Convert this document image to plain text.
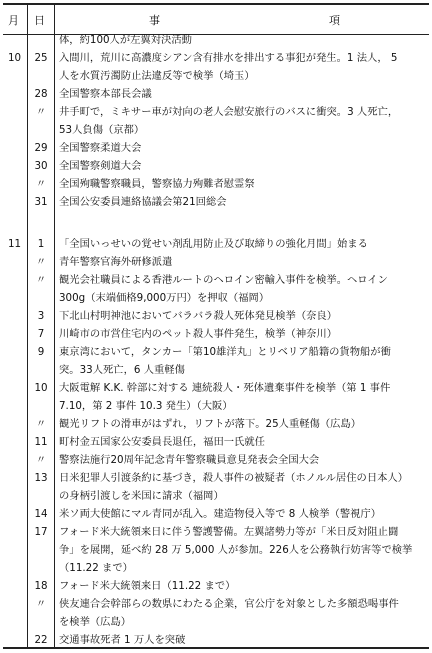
月 日	事	項
体，約100人が左翼対決活動
10	25	入間川，荒川に高濃度シアン含有排水を排出する事犯が発生。1 法人， 5
人を水質汚濁防止法違反等で検挙（埼玉）
28	全国警察本部長会議
〃	井手町で，ミキサー車が対向の老人会慰安旅行のバスに衝突。3 人死亡，
53人負傷（京都）
29	全国警察柔道大会
30	全国警察剣道大会
〃	全国殉職警察職員，警察協力殉難者慰霊祭
31	全国公安委員連絡協議会第21回総会
11	1	「全国いっせいの覚せい剤乱用防止及び取締りの強化月間」始まる
〃	青年警察官海外研修派遣
〃	観光会社職員による香港ルートのヘロイン密輸入事件を検挙。ヘロイン
300g（末端価格9,000万円）を押収（福岡）
3	下北山村明神池においてバラバラ殺人死体発見検挙（奈良）
7	川崎市の市営住宅内のペット殺人事件発生，検挙（神奈川）
9	東京湾において，タンカー「第10雄洋丸」とリベリア船籍の貨物船が衝
突。33人死亡，6 人重軽傷
10	大阪電解 K.K. 幹部に対する 連続殺人・死体遺棄事件を検挙（第 1 事件
7.10，第 2 事件 10.3 発生）（大阪）
〃	観光リフトの滑車がはずれ，リフトが落下。25人重軽傷（広島）
11	町村金五国家公安委員長退任，福田一氏就任
〃	警察法施行20周年記念青年警察職員意見発表会全国大会
13	日米犯罪人引渡条約に基づき，殺人事件の被疑者（ホノルル居住の日本人）
の身柄引渡しを米国に請求（福岡）
14	米ソ両大使館にマル青同が乱入。建造物侵入等で 8 人検挙（警視庁）
17	フォード米大統領来日に伴う警護警備。左翼諸勢力等が「米日反対阻止闘
争」を展開，延べ約 28 万 5,000 人が参加。226人を公務執行妨害等で検挙
（11.22 まで）
18	フォード米大統領来日（11.22 まで）
〃	侠友連合会幹部らの数県にわたる企業，官公庁を対象とした多額恐喝事件
を検挙（広島）
22	交通事故死者 1 万人を突破
